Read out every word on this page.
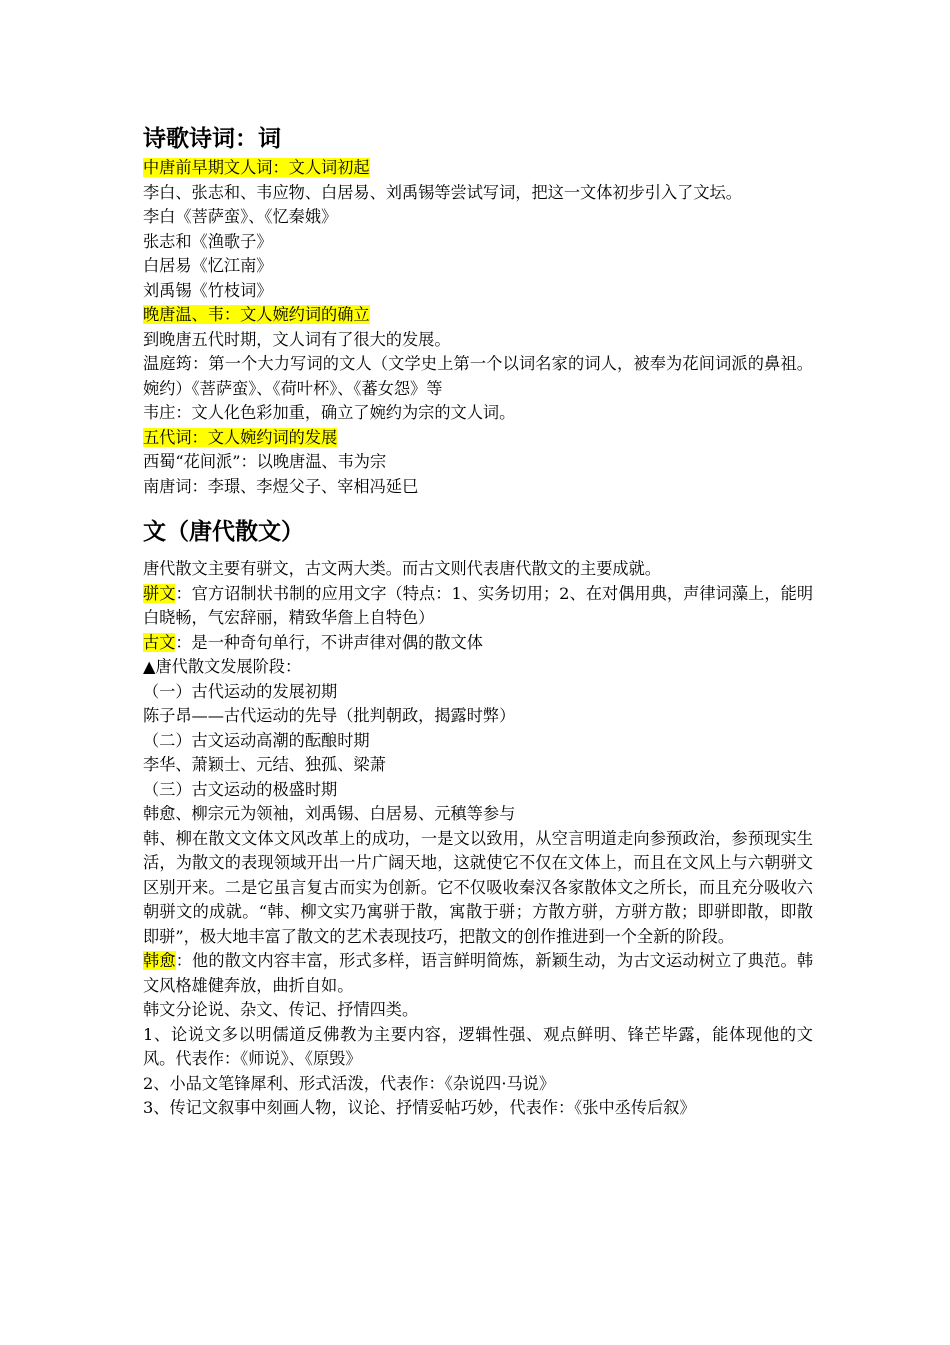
诗歌诗词：词

中唐前早期文人词：文人词初起

李白、张志和、韦应物、白居易、刘禹锡等尝试写词，把这一文体初步引入了文坛。

李白《菩萨蛮》、《忆秦娥》

张志和《渔歌子》

白居易《忆江南》

刘禹锡《竹枝词》

晚唐温、韦：文人婉约词的确立

到晚唐五代时期，文人词有了很大的发展。

温庭筠：第一个大力写词的文人（文学史上第一个以词名家的词人，被奉为花间词派的鼻祖。婉约）《菩萨蛮》、《荷叶杯》、《蕃女怨》等

韦庄：文人化色彩加重，确立了婉约为宗的文人词。

五代词：文人婉约词的发展

西蜀“花间派”：以晚唐温、韦为宗

南唐词：李璟、李煜父子、宰相冯延巳

文（唐代散文）

唐代散文主要有骈文，古文两大类。而古文则代表唐代散文的主要成就。

骈文：官方诏制状书制的应用文字（特点：1、实务切用；2、在对偶用典，声律词藻上，能明白晓畅，气宏辞丽，精致华詹上自特色）

古文：是一种奇句单行，不讲声律对偶的散文体

▲唐代散文发展阶段：

（一）古代运动的发展初期

陈子昂——古代运动的先导（批判朝政，揭露时弊）

（二）古文运动高潮的酝酿时期

李华、萧颖士、元结、独孤、梁萧

（三）古文运动的极盛时期

韩愈、柳宗元为领袖，刘禹锡、白居易、元稹等参与

韩、柳在散文文体文风改革上的成功，一是文以致用，从空言明道走向参预政治，参预现实生活，为散文的表现领域开出一片广阔天地，这就使它不仅在文体上，而且在文风上与六朝骈文区别开来。二是它虽言复古而实为创新。它不仅吸收秦汉各家散体文之所长，而且充分吸收六朝骈文的成就。“韩、柳文实乃寓骈于散，寓散于骈；方散方骈，方骈方散；即骈即散，即散即骈”，极大地丰富了散文的艺术表现技巧，把散文的创作推进到一个全新的阶段。

韩愈：他的散文内容丰富，形式多样，语言鲜明简炼，新颖生动，为古文运动树立了典范。韩文风格雄健奔放，曲折自如。

韩文分论说、杂文、传记、抒情四类。

1、论说文多以明儒道反佛教为主要内容，逻辑性强、观点鲜明、锋芒毕露，能体现他的文风。代表作：《师说》、《原毁》

2、小品文笔锋犀利、形式活泼，代表作：《杂说四·马说》

3、传记文叙事中刻画人物，议论、抒情妥帖巧妙，代表作：《张中丞传后叙》
